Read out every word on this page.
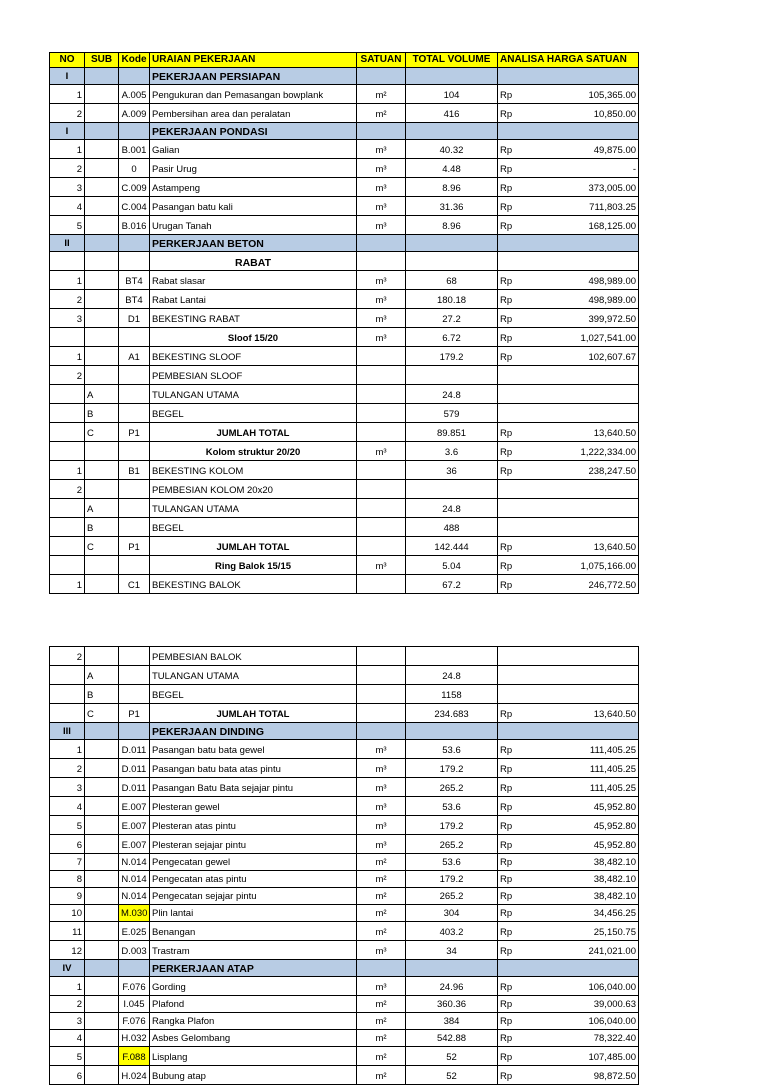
NO	SUB	Kode	URAIAN PEKERJAAN	SATUAN	TOTAL VOLUME	ANALISA HARGA SATUAN	
I			PEKERJAAN PERSIAPAN				
1		A.005	Pengukuran dan Pemasangan bowplank	m²	104	Rp	105,365.00
2		A.009	Pembersihan area dan peralatan	m²	416	Rp	10,850.00
I			PEKERJAAN PONDASI				
1		B.001	Galian	m³	40.32	Rp	49,875.00
2		0	Pasir Urug	m³	4.48	Rp	-
3		C.009	Astampeng	m³	8.96	Rp	373,005.00
4		C.004	Pasangan batu kali	m³	31.36	Rp	711,803.25
5		B.016	Urugan Tanah	m³	8.96	Rp	168,125.00
II			PERKERJAAN BETON				
			RABAT				
1		BT4	Rabat slasar	m³	68	Rp	498,989.00
2		BT4	Rabat Lantai	m³	180.18	Rp	498,989.00
3		D1	BEKESTING RABAT	m³	27.2	Rp	399,972.50
			Sloof 15/20	m³	6.72	Rp	1,027,541.00
1		A1	BEKESTING SLOOF		179.2	Rp	102,607.67
2			PEMBESIAN SLOOF				
	A		TULANGAN UTAMA		24.8		
	B		BEGEL		579		
	C	P1	JUMLAH TOTAL		89.851	Rp	13,640.50
			Kolom struktur 20/20	m³	3.6	Rp	1,222,334.00
1		B1	BEKESTING KOLOM		36	Rp	238,247.50
2			PEMBESIAN KOLOM 20x20				
	A		TULANGAN UTAMA		24.8		
	B		BEGEL		488		
	C	P1	JUMLAH TOTAL		142.444	Rp	13,640.50
			Ring Balok 15/15	m³	5.04	Rp	1,075,166.00
1		C1	BEKESTING BALOK		67.2	Rp	246,772.50
2			PEMBESIAN BALOK				
	A		TULANGAN UTAMA		24.8		
	B		BEGEL		1158		
	C	P1	JUMLAH TOTAL		234.683	Rp	13,640.50
III			PEKERJAAN DINDING				
1		D.011	Pasangan batu bata gewel	m³	53.6	Rp	111,405.25
2		D.011	Pasangan batu bata atas pintu	m³	179.2	Rp	111,405.25
3		D.011	Pasangan Batu Bata sejajar pintu	m³	265.2	Rp	111,405.25
4		E.007	Plesteran gewel	m³	53.6	Rp	45,952.80
5		E.007	Plesteran atas pintu	m³	179.2	Rp	45,952.80
6		E.007	Plesteran sejajar pintu	m³	265.2	Rp	45,952.80
7		N.014	Pengecatan gewel	m²	53.6	Rp	38,482.10
8		N.014	Pengecatan atas pintu	m²	179.2	Rp	38,482.10
9		N.014	Pengecatan sejajar pintu	m²	265.2	Rp	38,482.10
10		M.030	Plin lantai	m²	304	Rp	34,456.25
11		E.025	Benangan	m²	403.2	Rp	25,150.75
12		D.003	Trastram	m³	34	Rp	241,021.00
IV			PERKERJAAN ATAP				
1		F.076	Gording	m³	24.96	Rp	106,040.00
2		I.045	Plafond	m²	360.36	Rp	39,000.63
3		F.076	Rangka Plafon	m²	384	Rp	106,040.00
4		H.032	Asbes Gelombang	m²	542.88	Rp	78,322.40
5		F.088	Lisplang	m²	52	Rp	107,485.00
6		H.024	Bubung atap	m²	52	Rp	98,872.50
